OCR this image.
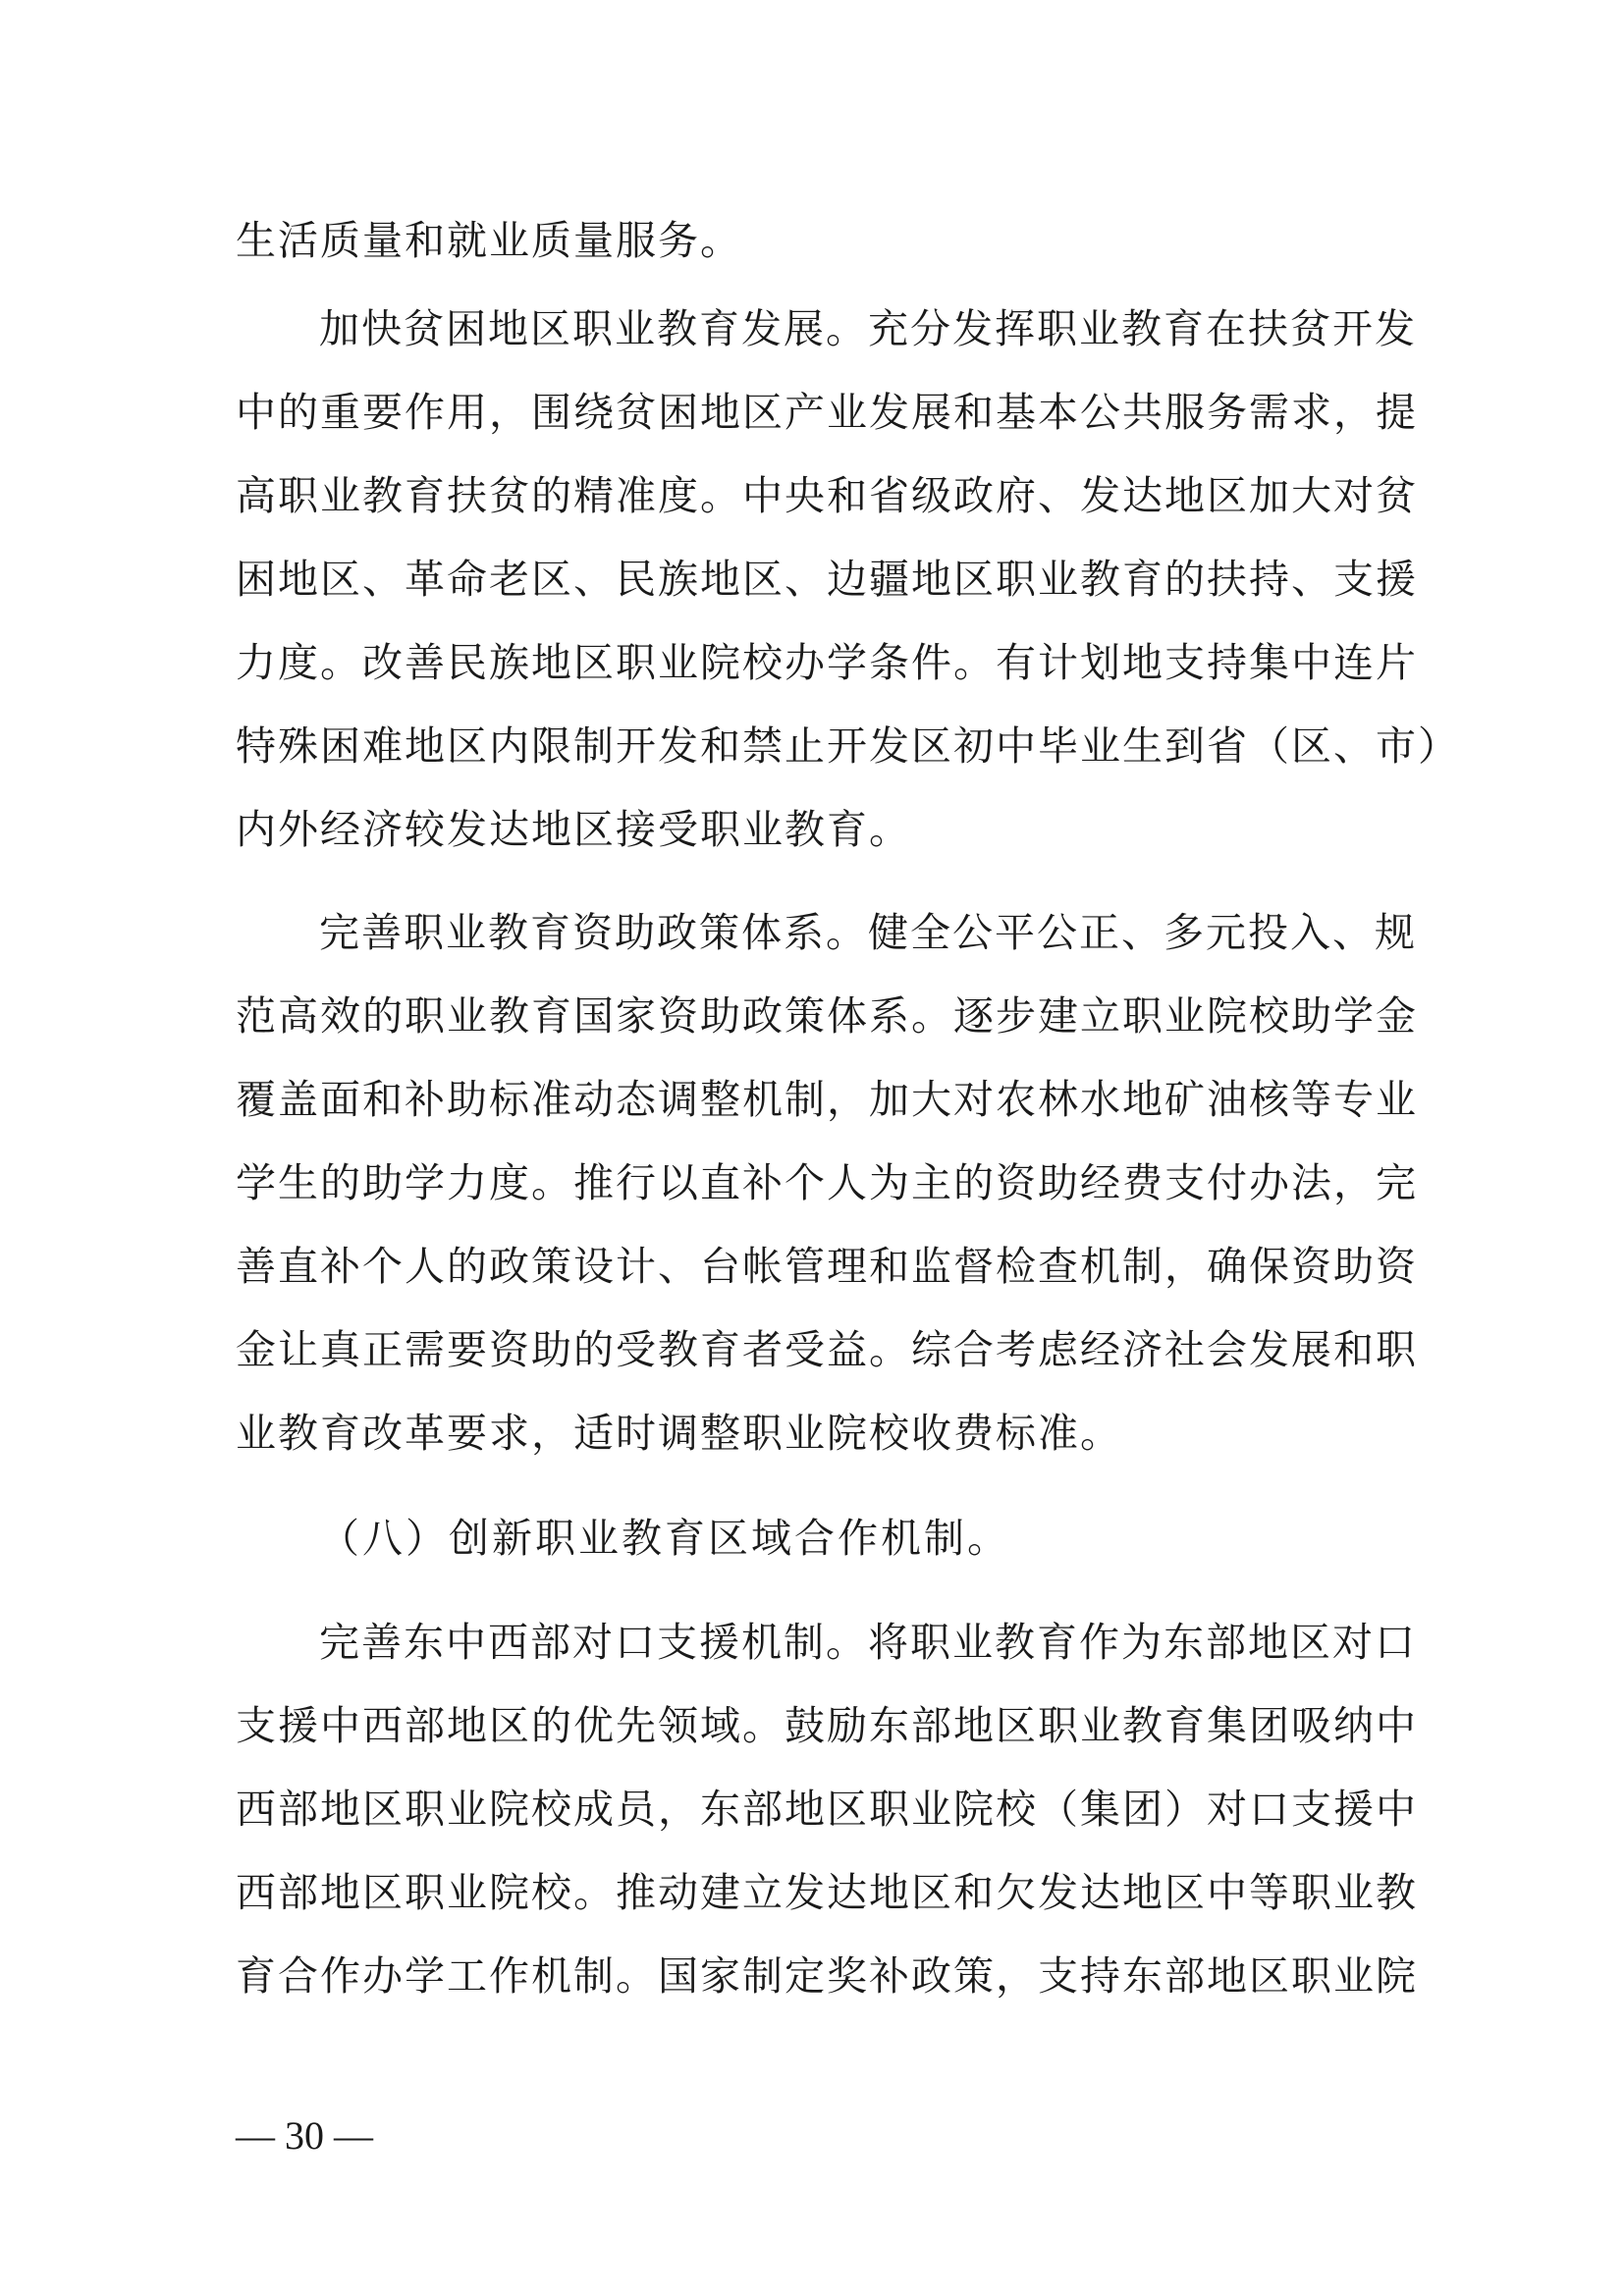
生活质量和就业质量服务。
加快贫困地区职业教育发展。充分发挥职业教育在扶贫开发
中的重要作用，围绕贫困地区产业发展和基本公共服务需求，提
高职业教育扶贫的精准度。中央和省级政府、发达地区加大对贫
困地区、革命老区、民族地区、边疆地区职业教育的扶持、支援
力度。改善民族地区职业院校办学条件。有计划地支持集中连片
特殊困难地区内限制开发和禁止开发区初中毕业生到省（区、市）
内外经济较发达地区接受职业教育。
完善职业教育资助政策体系。健全公平公正、多元投入、规
范高效的职业教育国家资助政策体系。逐步建立职业院校助学金
覆盖面和补助标准动态调整机制，加大对农林水地矿油核等专业
学生的助学力度。推行以直补个人为主的资助经费支付办法，完
善直补个人的政策设计、台帐管理和监督检查机制，确保资助资
金让真正需要资助的受教育者受益。综合考虑经济社会发展和职
业教育改革要求，适时调整职业院校收费标准。
（八）创新职业教育区域合作机制。
完善东中西部对口支援机制。将职业教育作为东部地区对口
支援中西部地区的优先领域。鼓励东部地区职业教育集团吸纳中
西部地区职业院校成员，东部地区职业院校（集团）对口支援中
西部地区职业院校。推动建立发达地区和欠发达地区中等职业教
育合作办学工作机制。国家制定奖补政策，支持东部地区职业院
— 30 —
